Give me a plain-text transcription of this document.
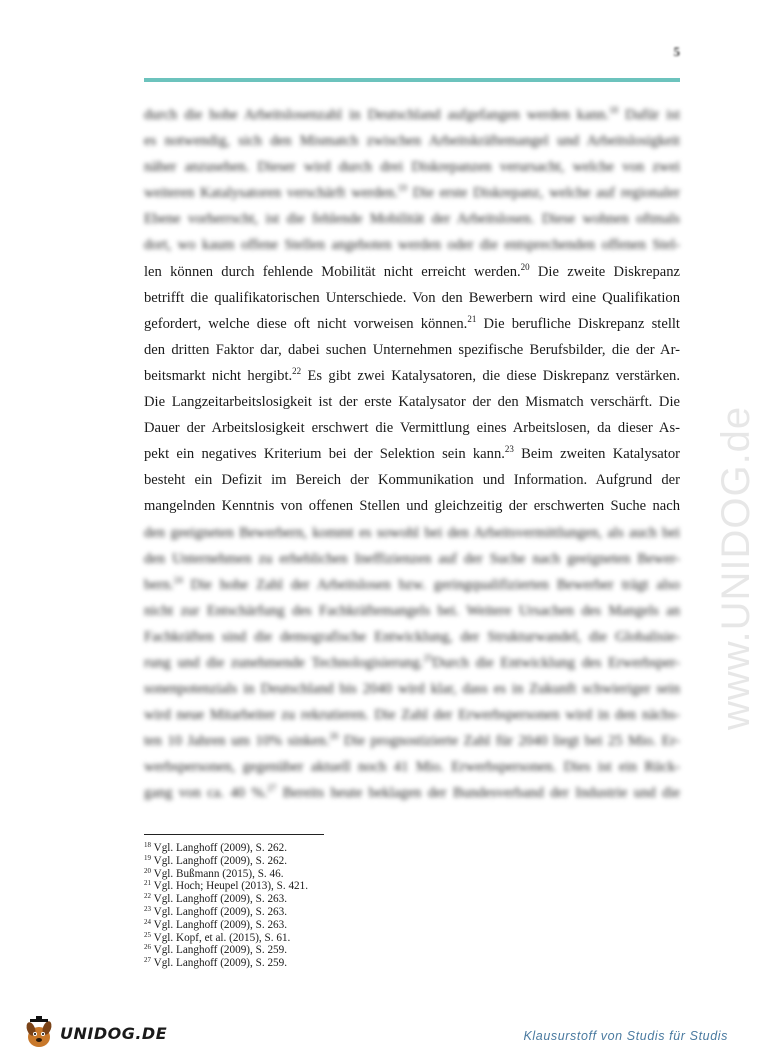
5
durch die hohe Arbeitslosenzahl in Deutschland aufgefangen werden kann.$^{18}$ Dafür ist
es notwendig, sich den Mismatch zwischen Arbeitskräftemangel und Arbeitslosigkeit
näher anzusehen. Dieser wird durch drei Diskrepanzen verursacht, welche von zwei
weiteren Katalysatoren verschärft werden.$^{19}$ Die erste Diskrepanz, welche auf regionaler
Ebene vorherrscht, ist die fehlende Mobilität der Arbeitslosen. Diese wohnen oftmals
dort, wo kaum offene Stellen angeboten werden oder die entsprechenden offenen Stel-
len können durch fehlende Mobilität nicht erreicht werden.$^{20}$ Die zweite Diskrepanz
betrifft die qualifikatorischen Unterschiede. Von den Bewerbern wird eine Qualifikation
gefordert, welche diese oft nicht vorweisen können.$^{21}$ Die berufliche Diskrepanz stellt
den dritten Faktor dar, dabei suchen Unternehmen spezifische Berufsbilder, die der Ar-
beitsmarkt nicht hergibt.$^{22}$ Es gibt zwei Katalysatoren, die diese Diskrepanz verstärken.
Die Langzeitarbeitslosigkeit ist der erste Katalysator der den Mismatch verschärft. Die
Dauer der Arbeitslosigkeit erschwert die Vermittlung eines Arbeitslosen, da dieser As-
pekt ein negatives Kriterium bei der Selektion sein kann.$^{23}$ Beim zweiten Katalysator
besteht ein Defizit im Bereich der Kommunikation und Information. Aufgrund der
mangelnden Kenntnis von offenen Stellen und gleichzeitig der erschwerten Suche nach
den geeigneten Bewerbern, kommt es sowohl bei den Arbeitsvermittlungen, als auch bei
den Unternehmen zu erheblichen Ineffizienzen auf der Suche nach geeigneten Bewer-
bern.$^{24}$ Die hohe Zahl der Arbeitslosen bzw. geringqualifizierten Bewerber trägt also
nicht zur Entschärfung des Fachkräftemangels bei. Weitere Ursachen des Mangels an
Fachkräften sind die demografische Entwicklung, der Strukturwandel, die Globalisie-
rung und die zunehmende Technologisierung.$^{25}$Durch die Entwicklung des Erwerbsper-
sonenpotenzials in Deutschland bis 2040 wird klar, dass es in Zukunft schwieriger sein
wird neue Mitarbeiter zu rekrutieren. Die Zahl der Erwerbspersonen wird in den nächs-
ten 10 Jahren um 10% sinken.$^{26}$ Die prognostizierte Zahl für 2040 liegt bei 25 Mio. Er-
werbspersonen, gegenüber aktuell noch 41 Mio. Erwerbspersonen. Dies ist ein Rück-
gang von ca. 40 %.$^{27}$ Bereits heute beklagen der Bundesverband der Industrie und die
$^{18}$ Vgl. Langhoff (2009), S. 262.
$^{19}$ Vgl. Langhoff (2009), S. 262.
$^{20}$ Vgl. Bußmann (2015), S. 46.
$^{21}$ Vgl. Hoch; Heupel (2013), S. 421.
$^{22}$ Vgl. Langhoff (2009), S. 263.
$^{23}$ Vgl. Langhoff (2009), S. 263.
$^{24}$ Vgl. Langhoff (2009), S. 263.
$^{25}$ Vgl. Kopf, et al. (2015), S. 61.
$^{26}$ Vgl. Langhoff (2009), S. 259.
$^{27}$ Vgl. Langhoff (2009), S. 259.
www.UNIDOG.de
UNIDOG.DE	Klausurstoff von Studis für Studis
